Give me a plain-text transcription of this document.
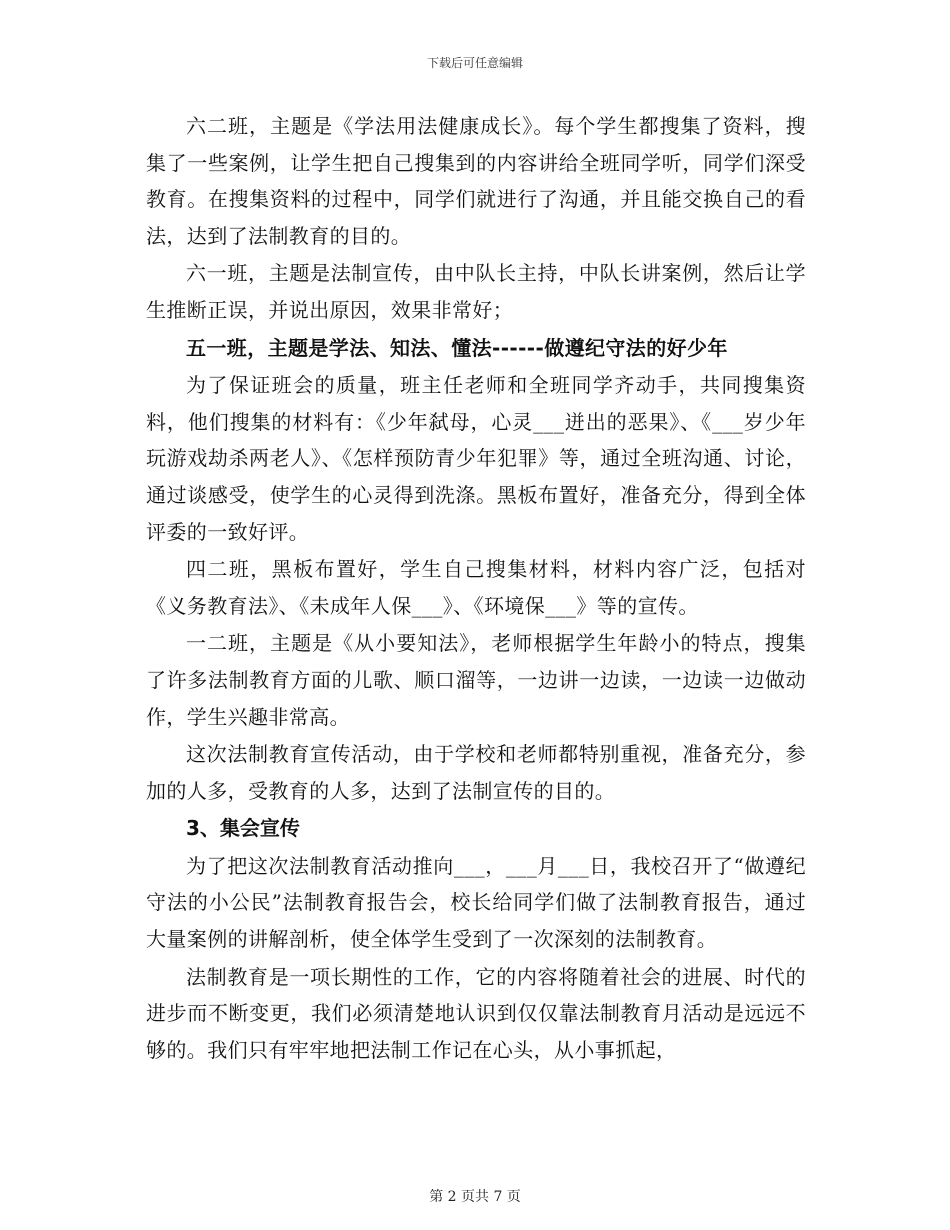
下载后可任意编辑

六二班，主题是《学法用法健康成长》。每个学生都搜集了资料，搜集了一些案例，让学生把自己搜集到的内容讲给全班同学听，同学们深受教育。在搜集资料的过程中，同学们就进行了沟通，并且能交换自己的看法，达到了法制教育的目的。

六一班，主题是法制宣传，由中队长主持，中队长讲案例，然后让学生推断正误，并说出原因，效果非常好；

五一班，主题是学法、知法、懂法------做遵纪守法的好少年

为了保证班会的质量，班主任老师和全班同学齐动手，共同搜集资料，他们搜集的材料有：《少年弑母，心灵___迸出的恶果》、《___岁少年玩游戏劫杀两老人》、《怎样预防青少年犯罪》等，通过全班沟通、讨论，通过谈感受，使学生的心灵得到洗涤。黑板布置好，准备充分，得到全体评委的一致好评。

四二班，黑板布置好，学生自己搜集材料，材料内容广泛，包括对《义务教育法》、《未成年人保___》、《环境保___》等的宣传。

一二班，主题是《从小要知法》，老师根据学生年龄小的特点，搜集了许多法制教育方面的儿歌、顺口溜等，一边讲一边读，一边读一边做动作，学生兴趣非常高。

这次法制教育宣传活动，由于学校和老师都特别重视，准备充分，参加的人多，受教育的人多，达到了法制宣传的目的。

3、集会宣传

为了把这次法制教育活动推向___，___月___日，我校召开了“做遵纪守法的小公民”法制教育报告会，校长给同学们做了法制教育报告，通过大量案例的讲解剖析，使全体学生受到了一次深刻的法制教育。

法制教育是一项长期性的工作，它的内容将随着社会的进展、时代的进步而不断变更，我们必须清楚地认识到仅仅靠法制教育月活动是远远不够的。我们只有牢牢地把法制工作记在心头，从小事抓起，

第 2 页共 7 页
